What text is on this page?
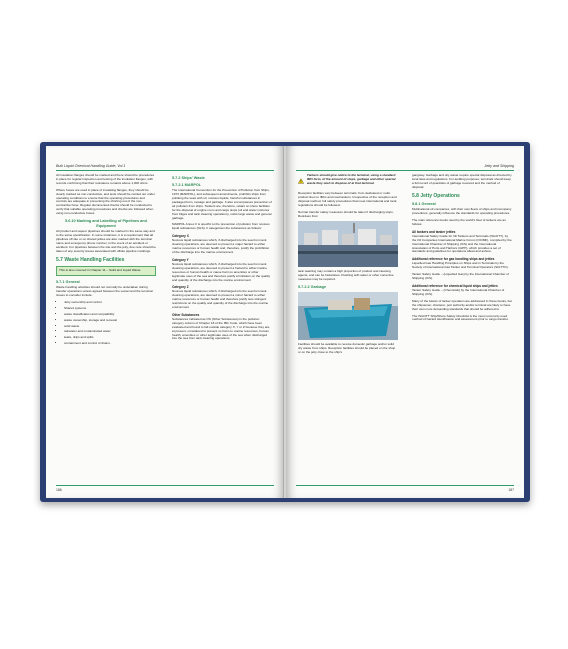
Bulk Liquid Chemical Handling Guide, Vol 1

All insulation flanges should be marked and there should be procedures in place for regular inspection and testing of the insulation flanges, with records confirming that their resistance remains above 1,000 ohms.

Where hoses are used in place of insulating flanges, they should be clearly marked as non-conductive, and tests should be carried out under operating conditions to ensure that the operating procedures and controls are adequate in preventing the shorting out of the non-conductive hose. Regular documented checks should be conducted to verify that suitable operating procedures and checks are followed when using non-conductive hoses.

5.6.10 Marking and Labelling of Pipelines and Equipment

All product and vapour pipelines should be marked in the same way and to the same specification. In some instances, it is a requirement that all pipelines off site or on shared jetties are also marked with the terminal name and emergency phone number, in the event of an accident or accident. For pipelines between the site and the jetty, due note should be taken of any security issues associated with offsite pipeline markings.

5.7 Waste Handling Facilities
This is also covered in Chapter 11 – Solid and Liquid Waste
5.7.1 General

Waste handling activities should not normally be undertaken during transfer operations unless agreed between the vessel and the terminal. Issues to consider include:

• Jetty ownership and control
• Shared systems
• waste classification and compatibility
• waste ownership, storage and removal
• solid waste
• rainwater and contaminated water
• leaks, drips and spills
• containment and control of drains.
5.7.2 Ships' Waste
5.7.2.1 MARPOL

The International Convention for the Prevention of Pollution from Ships, 1973 (MARPOL), and subsequent amendments, prohibits ships from polluting the seas with oil, noxious liquids, harmful substances in packaged form, sewage and garbage. It also encompasses prevention of air pollution from ships. Tankers are, therefore, reliant on shore facilities for the disposal of engine room and cargo slops (oil and water mixtures from bilges and tank cleaning operations), solid cargo waste and general garbage.

MARPOL Annex II is specific to the prevention of pollution from noxious liquid substances (NLS). It categorises the substances as follows:

Category X

Noxious liquid substances which, if discharged into the sea from tank cleaning operations, are deemed to present a major hazard to either marine resources or human health and, therefore, justify the prohibition of the discharge into the marine environment

Category Y

Noxious liquid substances which, if discharged into the sea from tank cleaning operations, are deemed to present a hazard to either marine resources or human health or cause harm to amenities or other legitimate uses of the sea and therefore justify a limitation on the quality and quantity of the discharge into the marine environment

Category Z

Noxious liquid substances which, if discharged into the sea from tank cleaning operations, are deemed to present a minor hazard to either marine resources or human health and therefore justify less stringent restrictions on the quality and quantity of the discharge into the marine environment

Other Substances

Substances indicated as OS (Other Substances) in the pollution category column of Chapter 18 of the IBC Code, which have been evaluated and found to fall outside category X, Y or Z because they are, at present, considered to present no harm to marine resources, human health, amenities or other legitimate uses of the sea when discharged into the sea from tank cleaning operations.

186
Jetty and Shipping
Tankers should give notice to the terminal, using a standard IMO form, of the amount of slops, garbage and other special waste they wish to dispose of at that terminal.

Reception facilities vary between terminals; from dedicated or multi-product lines to IBCs and road tankers. Irrespective of the reception and disposal method, full safety procedures that meet international and local regulations should be followed.

Normal transfer safety measures should be taken if discharging slops. Residues from

tank washing may contain a high proportion of product and cleaning agents, and can be hazardous. Flushing with water or other corrective measures may be required.

5.7.2.2 Garbage

Facilities should be available to receive domestic garbage and/or solid dry waste from ships. Reception facilities should be placed on the shop or on the jetty close to the ship's

gangway. Garbage and oily waste require special disposal as directed by local laws and regulations. For auditing purposes, terminals should keep a full record of quantities of garbage received and the method of disposal.

5.8 Jetty Operations
5.8.1 General

Multinational oil companies, with their own fleets of ships and incompany procedures, generally influence the standards for operating procedures.

The main reference books used by the world's fleet of tankers are as follows:

All tankers and tanker jetties

International Safety Guide for Oil Tankers and Terminals (ISGOTT), by the Oil Companies International Marine Forum (OCIMF), compiled by the International Chamber of Shipping (ICS) and the International Association of Ports and Harbors (IAPH), which provides a set of standards and guidelines for operations afloat and ashore.

Additional reference for gas handling ships and jetties

Liquefied Gas Handling Principles on Ships and in Terminals by the Society of International Gas Tanker and Terminal Operators (SIGTTO).

Tanker Safety Guide – (Liquefied Gas) by the International Chamber of Shipping (ICS).

Additional reference for chemical liquid ships and jetties

Tanker Safety Guide – (Chemicals) by the International Chamber of Shipping (ICS).

Many of the basics of tanker operation are addressed in these books, but the shipowner, charterer, port authority and/or terminal are likely to have their own more demanding standards that should be adhered to.

The ISGOTT Ship/Shore Safety Checklist is the most commonly used method of hazard identification and assessment prior to cargo transfer.

187
